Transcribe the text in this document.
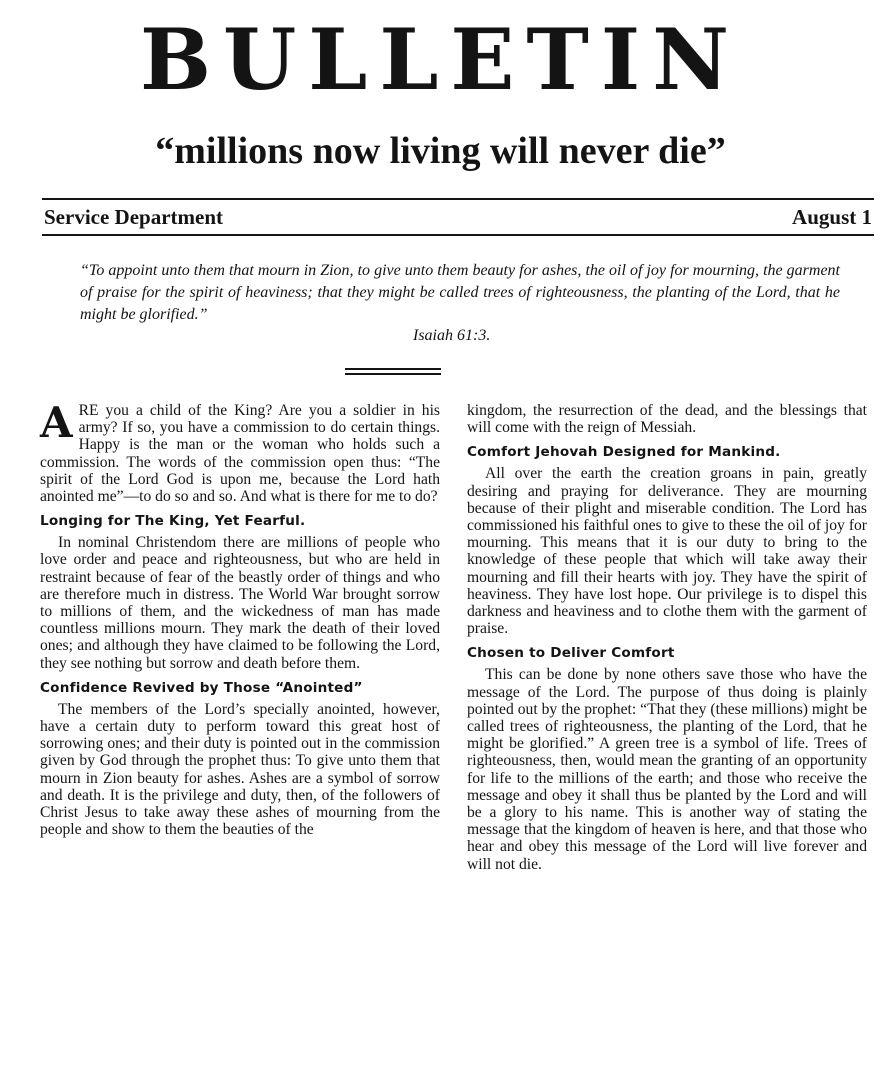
BULLETIN
“millions now living will never die”
Service Department	August 1
“To appoint unto them that mourn in Zion, to give unto them beauty for ashes, the oil of joy for mourning, the garment of praise for the spirit of heaviness; that they might be called trees of righteousness, the planting of the Lord, that he might be glorified.”
Isaiah 61:3.

ARE you a child of the King? Are you a soldier in his army? If so, you have a commission to do certain things. Happy is the man or the woman who holds such a commission. The words of the commission open thus: “The spirit of the Lord God is upon me, because the Lord hath anointed me”—to do so and so. And what is there for me to do?

Longing for The King, Yet Fearful.

In nominal Christendom there are millions of people who love order and peace and righteousness, but who are held in restraint because of fear of the beastly order of things and who are therefore much in distress. The World War brought sorrow to millions of them, and the wickedness of man has made countless millions mourn. They mark the death of their loved ones; and although they have claimed to be following the Lord, they see nothing but sorrow and death before them.

Confidence Revived by Those “Anointed”

The members of the Lord’s specially anointed, however, have a certain duty to perform toward this great host of sorrowing ones; and their duty is pointed out in the commission given by God through the prophet thus: To give unto them that mourn in Zion beauty for ashes. Ashes are a symbol of sorrow and death. It is the privilege and duty, then, of the followers of Christ Jesus to take away these ashes of mourning from the people and show to them the beauties of the

kingdom, the resurrection of the dead, and the blessings that will come with the reign of Messiah.

Comfort Jehovah Designed for Mankind.

All over the earth the creation groans in pain, greatly desiring and praying for deliverance. They are mourning because of their plight and miserable condition. The Lord has commissioned his faithful ones to give to these the oil of joy for mourning. This means that it is our duty to bring to the knowledge of these people that which will take away their mourning and fill their hearts with joy. They have the spirit of heaviness. They have lost hope. Our privilege is to dispel this darkness and heaviness and to clothe them with the garment of praise.

Chosen to Deliver Comfort

This can be done by none others save those who have the message of the Lord. The purpose of thus doing is plainly pointed out by the prophet: “That they (these millions) might be called trees of righteousness, the planting of the Lord, that he might be glorified.” A green tree is a symbol of life. Trees of righteousness, then, would mean the granting of an opportunity for life to the millions of the earth; and those who receive the message and obey it shall thus be planted by the Lord and will be a glory to his name. This is another way of stating the message that the kingdom of heaven is here, and that those who hear and obey this message of the Lord will live forever and will not die.
